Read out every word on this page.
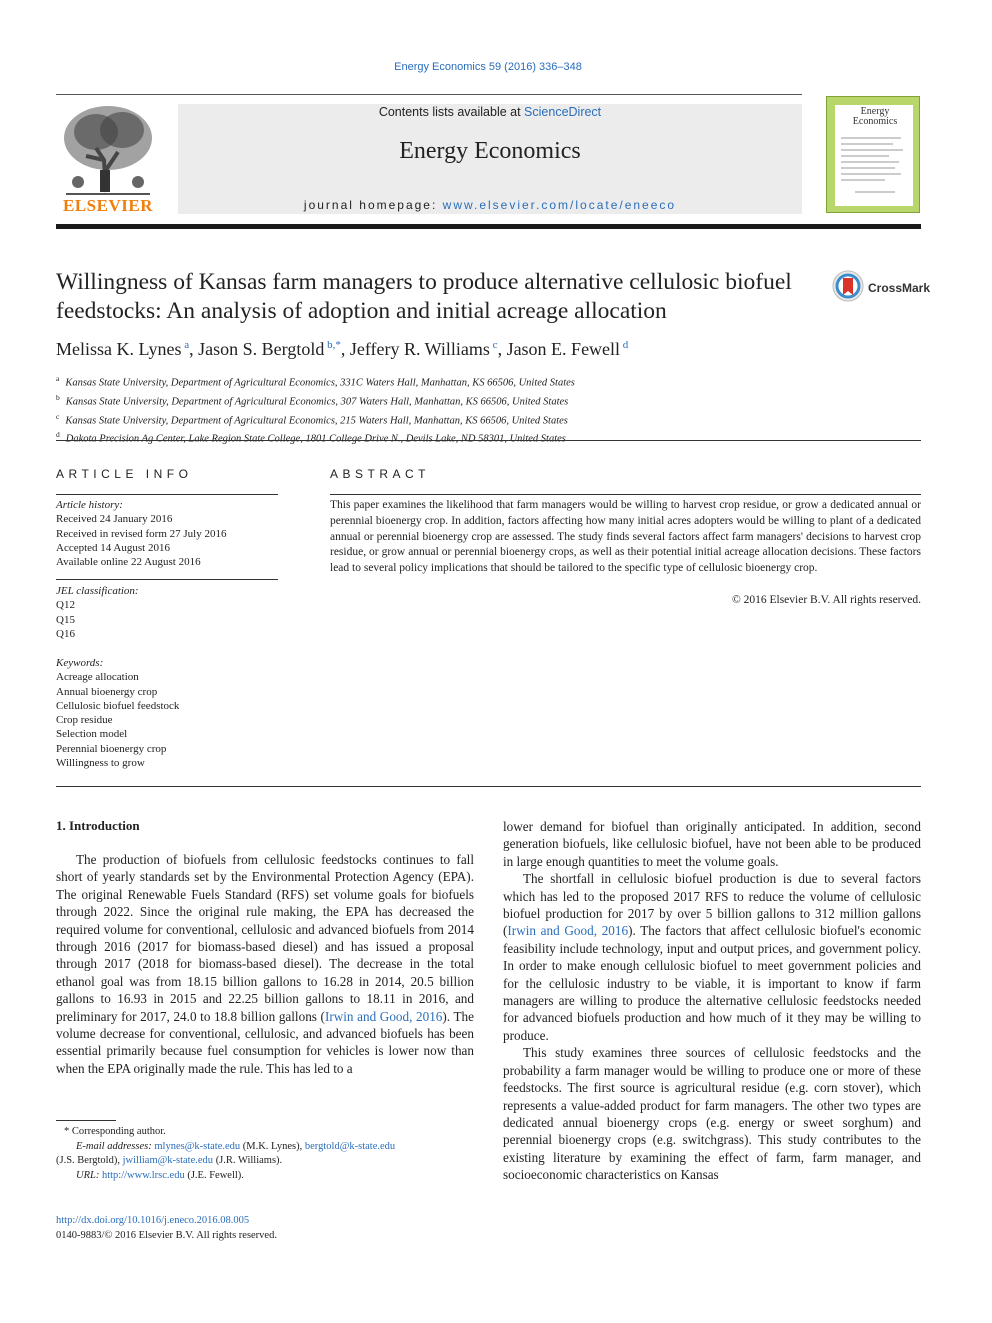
Energy Economics 59 (2016) 336–348
ELSEVIER
Contents lists available at ScienceDirect
Energy Economics
journal homepage: www.elsevier.com/locate/eneeco
Energy
Economics
Willingness of Kansas farm managers to produce alternative cellulosic biofuel feedstocks: An analysis of adoption and initial acreage allocation
CrossMark
Melissa K. Lynes $^a$, Jason S. Bergtold $^{b,*}$, Jeffery R. Williams $^c$, Jason E. Fewell $^d$
$^a$ Kansas State University, Department of Agricultural Economics, 331C Waters Hall, Manhattan, KS 66506, United States
$^b$ Kansas State University, Department of Agricultural Economics, 307 Waters Hall, Manhattan, KS 66506, United States
$^c$ Kansas State University, Department of Agricultural Economics, 215 Waters Hall, Manhattan, KS 66506, United States
$^d$
ARTICLE INFO
Article history:
Received 24 January 2016
Received in revised form 27 July 2016
Accepted 14 August 2016
Available online 22 August 2016
JEL classification:
Q12
Q15
Q16
Keywords:
Acreage allocation
Annual bioenergy crop
Cellulosic biofuel feedstock
Crop residue
Selection model
Perennial bioenergy crop
Willingness to grow
ABSTRACT
This paper examines the likelihood that farm managers would be willing to harvest crop residue, or grow a dedicated annual or perennial bioenergy crop. In addition, factors affecting how many initial acres adopters would be willing to plant of a dedicated annual or perennial bioenergy crop are assessed. The study finds several factors affect farm managers' decisions to harvest crop residue, or grow annual or perennial bioenergy crops, as well as their potential initial acreage allocation decisions. These factors lead to several policy implications that should be tailored to the specific type of cellulosic bioenergy crop.
© 2016 Elsevier B.V. All rights reserved.
1. Introduction

The production of biofuels from cellulosic feedstocks continues to fall short of yearly standards set by the Environmental Protection Agency (EPA). The original Renewable Fuels Standard (RFS) set volume goals for biofuels through 2022. Since the original rule making, the EPA has decreased the required volume for conventional, cellulosic and advanced biofuels from 2014 through 2016 (2017 for biomass-based diesel) and has issued a proposal through 2017 (2018 for biomass-based diesel). The decrease in the total ethanol goal was from 18.15 billion gallons to 16.28 in 2014, 20.5 billion gallons to 16.93 in 2015 and 22.25 billion gallons to 18.11 in 2016, and preliminary for 2017, 24.0 to 18.8 billion gallons (Irwin and Good, 2016). The volume decrease for conventional, cellulosic, and advanced biofuels has been essential primarily because fuel consumption for vehicles is lower now than when the EPA originally made the rule. This has led to a

lower demand for biofuel than originally anticipated. In addition, second generation biofuels, like cellulosic biofuel, have not been able to be produced in large enough quantities to meet the volume goals.

The shortfall in cellulosic biofuel production is due to several factors which has led to the proposed 2017 RFS to reduce the volume of cellulosic biofuel production for 2017 by over 5 billion gallons to 312 million gallons (Irwin and Good, 2016). The factors that affect cellulosic biofuel's economic feasibility include technology, input and output prices, and government policy. In order to make enough cellulosic biofuel to meet government policies and for the cellulosic industry to be viable, it is important to know if farm managers are willing to produce the alternative cellulosic feedstocks needed for advanced biofuels production and how much of it they may be willing to produce.

This study examines three sources of cellulosic feedstocks and the probability a farm manager would be willing to produce one or more of these feedstocks. The first source is agricultural residue (e.g. corn stover), which represents a value-added product for farm managers. The other two types are dedicated annual bioenergy crops (e.g. energy or sweet sorghum) and perennial bioenergy crops (e.g. switchgrass). This study contributes to the existing literature by examining the effect of farm, farm manager, and socioeconomic characteristics on Kansas

* Corresponding author.
E-mail addresses: mlynes@k-state.edu (M.K. Lynes), bergtold@k-state.edu
(J.S. Bergtold), jwilliam@k-state.edu (J.R. Williams).
URL: http://www.lrsc.edu (J.E. Fewell).
http://dx.doi.org/10.1016/j.eneco.2016.08.005
0140-9883/© 2016 Elsevier B.V. All rights reserved.
